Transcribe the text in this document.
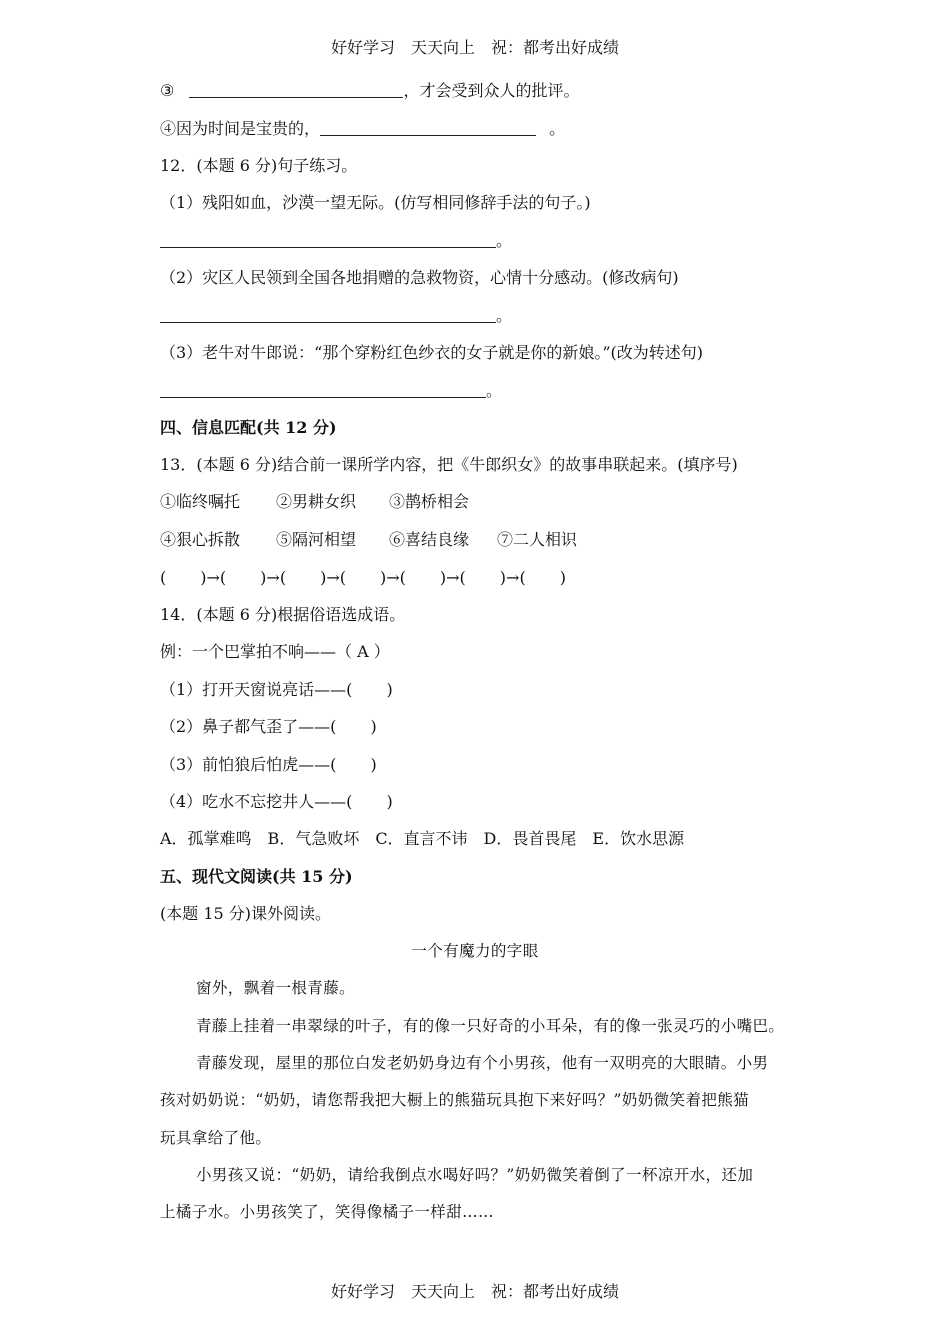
好好学习　天天向上　祝：都考出好成绩
③	，才会受到众人的批评。
④因为时间是宝贵的，	。
12．(本题 6 分)句子练习。
（1）残阳如血，沙漠一望无际。(仿写相同修辞手法的句子。)
。
（2）灾区人民领到全国各地捐赠的急救物资，心情十分感动。(修改病句)
。
（3）老牛对牛郎说：“那个穿粉红色纱衣的女子就是你的新娘。”(改为转述句)
。
四、信息匹配(共 12 分)
13．(本题 6 分)结合前一课所学内容，把《牛郎织女》的故事串联起来。(填序号)
①临终嘱托 ②男耕女织 ③鹊桥相会
④狠心拆散 ⑤隔河相望 ⑥喜结良缘 ⑦二人相识
( )→( )→( )→( )→( )→( )→( )
14．(本题 6 分)根据俗语选成语。
例：一个巴掌拍不响——（ A ）
（1）打开天窗说亮话——( )
（2）鼻子都气歪了——( )
（3）前怕狼后怕虎——( )
（4）吃水不忘挖井人——( )
A．孤掌难鸣　B．气急败坏　C．直言不讳　D．畏首畏尾　E．饮水思源
五、现代文阅读(共 15 分)
(本题 15 分)课外阅读。
一个有魔力的字眼
窗外，飘着一根青藤。
青藤上挂着一串翠绿的叶子，有的像一只好奇的小耳朵，有的像一张灵巧的小嘴巴。
青藤发现，屋里的那位白发老奶奶身边有个小男孩，他有一双明亮的大眼睛。小男
孩对奶奶说：“奶奶，请您帮我把大橱上的熊猫玩具抱下来好吗？”奶奶微笑着把熊猫
玩具拿给了他。
小男孩又说：“奶奶，请给我倒点水喝好吗？”奶奶微笑着倒了一杯凉开水，还加
上橘子水。小男孩笑了，笑得像橘子一样甜……
好好学习　天天向上　祝：都考出好成绩
